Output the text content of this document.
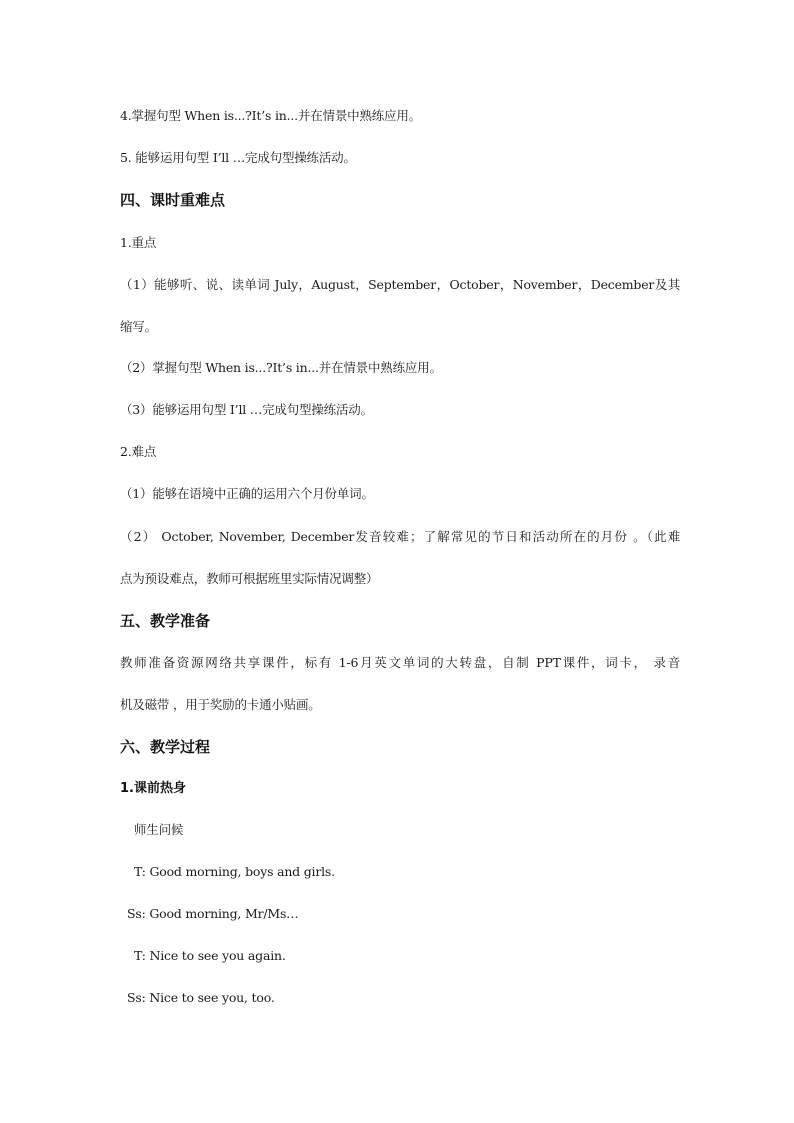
4.掌握句型 When is...?It’s in...并在情景中熟练应用。
5. 能够运用句型 I’ll …完成句型操练活动。
四、课时重难点
1.重点
（1）能够听、说、读单词 July，August，September，October，November，December及其
缩写。
（2）掌握句型 When is...?It’s in...并在情景中熟练应用。
（3）能够运用句型 I’ll …完成句型操练活动。
2.难点
（1）能够在语境中正确的运用六个月份单词。
（2） October, November, December发音较难；了解常见的节日和活动所在的月份 。（此难
点为预设难点，教师可根据班里实际情况调整）
五、教学准备
教师准备资源网络共享课件，标有 1-6月英文单词的大转盘，自制 PPT课件，词卡， 录音
机及磁带 ，用于奖励的卡通小贴画。
六、教学过程
1.课前热身
师生问候
T: Good morning, boys and girls.
Ss: Good morning, Mr/Ms…
T: Nice to see you again.
Ss: Nice to see you, too.
